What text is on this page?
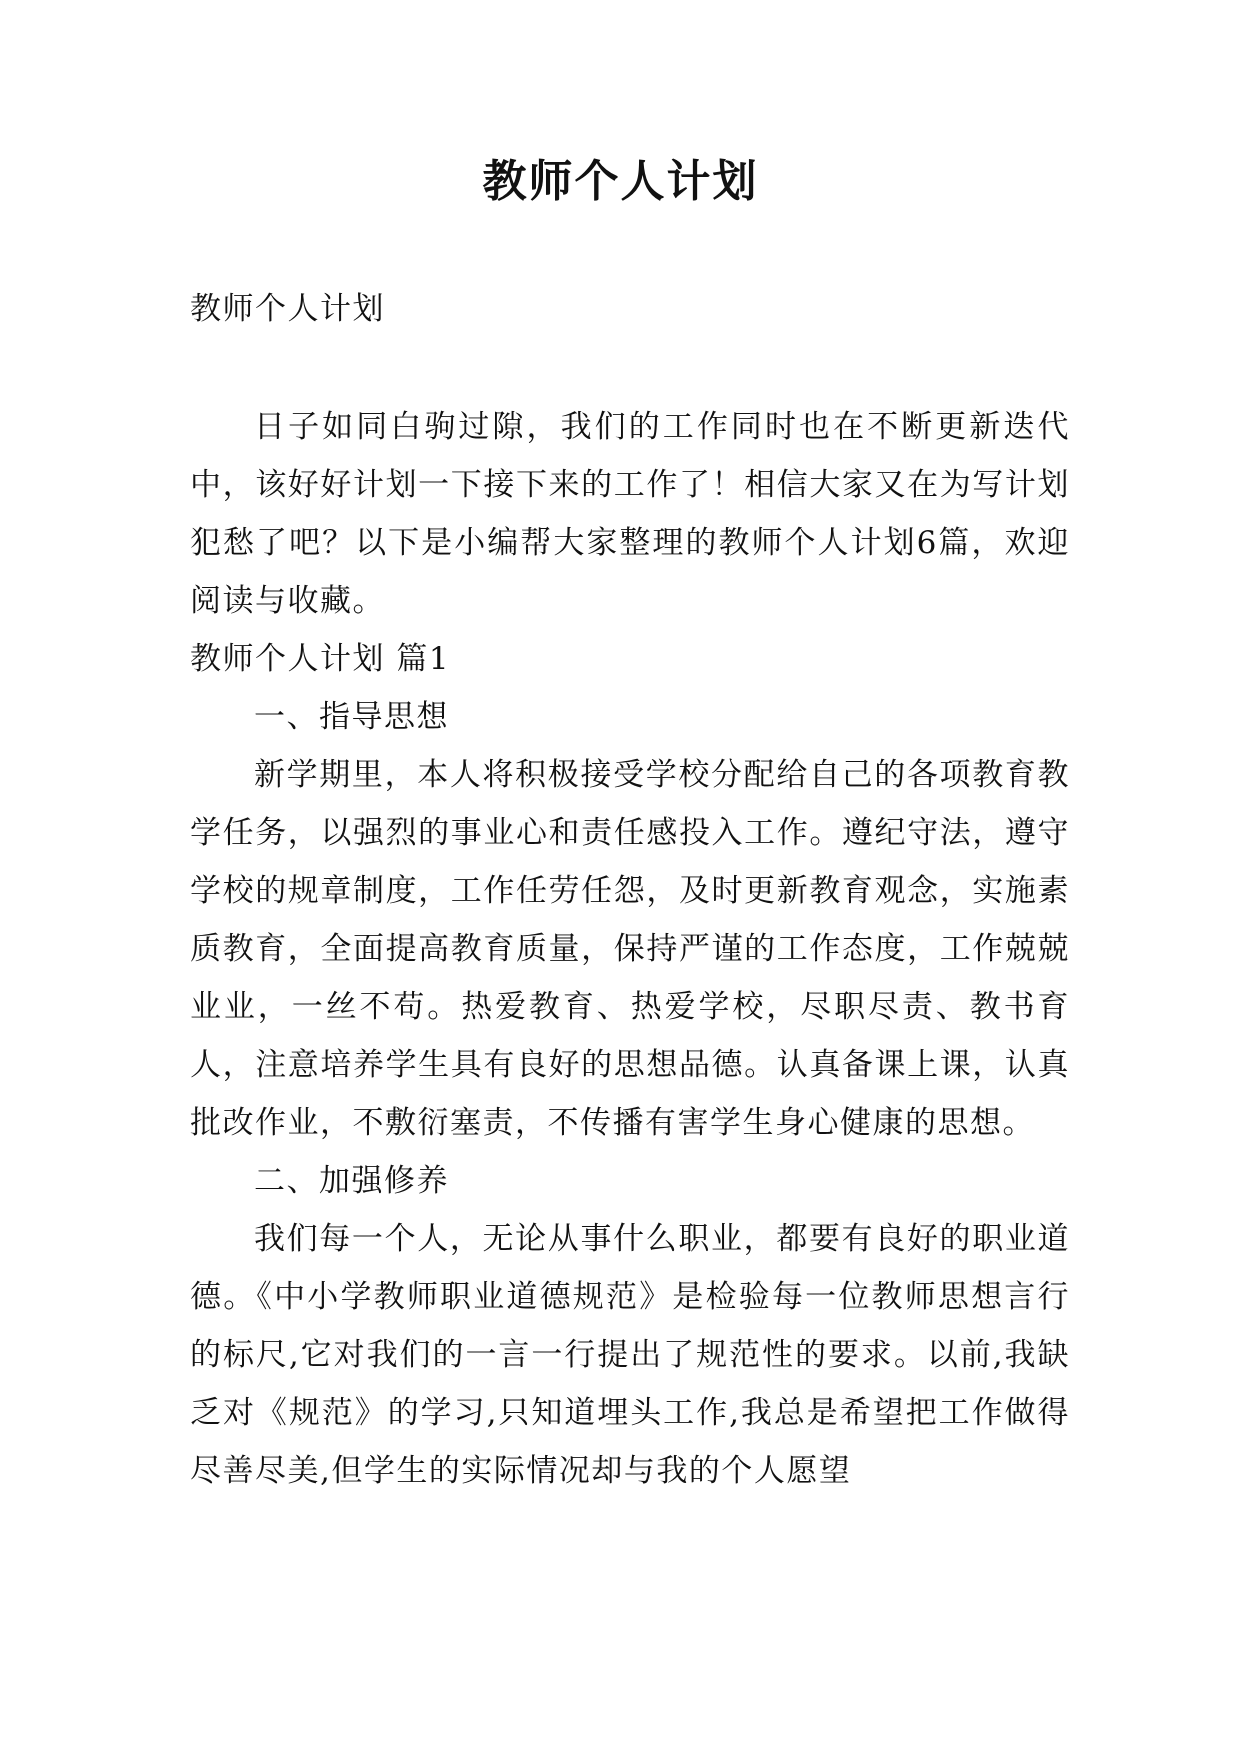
教师个人计划

教师个人计划

日子如同白驹过隙，我们的工作同时也在不断更新迭代中，该好好计划一下接下来的工作了！相信大家又在为写计划犯愁了吧？以下是小编帮大家整理的教师个人计划6篇，欢迎阅读与收藏。

教师个人计划 篇1

一、指导思想

新学期里，本人将积极接受学校分配给自己的各项教育教学任务，以强烈的事业心和责任感投入工作。遵纪守法，遵守学校的规章制度，工作任劳任怨，及时更新教育观念，实施素质教育，全面提高教育质量，保持严谨的工作态度，工作兢兢业业，一丝不苟。热爱教育、热爱学校，尽职尽责、教书育人，注意培养学生具有良好的思想品德。认真备课上课，认真批改作业，不敷衍塞责，不传播有害学生身心健康的思想。

二、加强修养

我们每一个人，无论从事什么职业，都要有良好的职业道德。《中小学教师职业道德规范》是检验每一位教师思想言行的标尺,它对我们的一言一行提出了规范性的要求。以前,我缺乏对《规范》的学习,只知道埋头工作,我总是希望把工作做得尽善尽美,但学生的实际情况却与我的个人愿望
